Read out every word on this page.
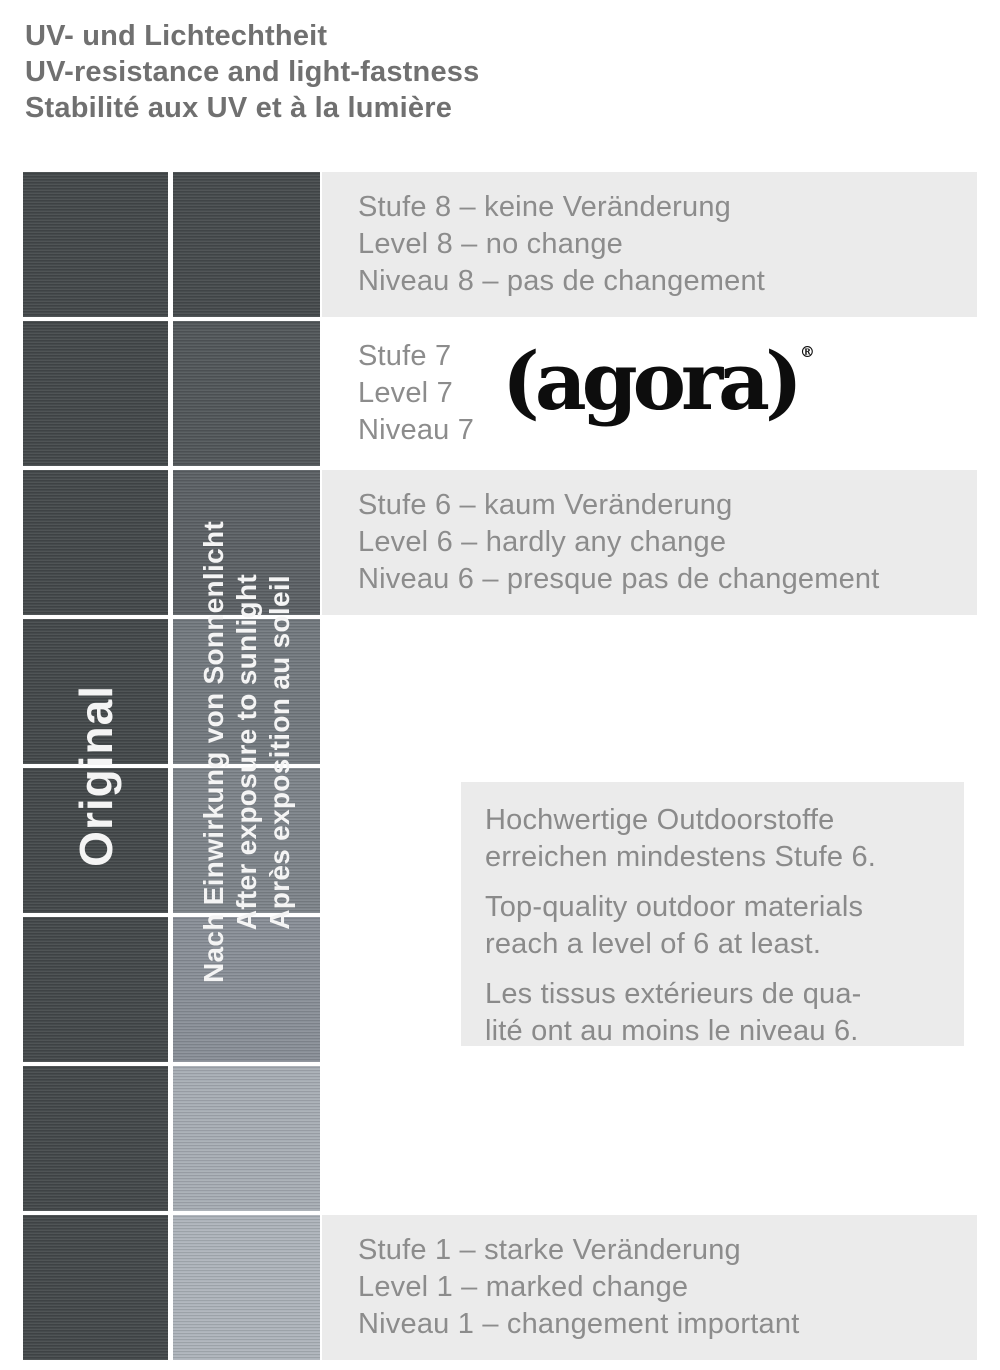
UV- und Lichtechtheit
UV-resistance and light-fastness
Stabilité aux UV et à la lumière
Stufe 8 – keine Veränderung
Level 8 – no change
Niveau 8 – pas de changement
Stufe 7
Level 7
Niveau 7
(agora) ®
Stufe 6 – kaum Veränderung
Level 6 – hardly any change
Niveau 6 – presque pas de changement
Stufe 1 – starke Veränderung
Level 1 – marked change
Niveau 1 – changement important
Original	Nach Einwirkung von Sonnenlicht After exposure to sunlight Après exposition au soleil	Hochwertige Outdoorstoffe
erreichen mindestens Stufe 6.

Top-quality outdoor materials
reach a level of 6 at least.

Les tissus extérieurs de qua-
lité ont au moins le niveau 6.
